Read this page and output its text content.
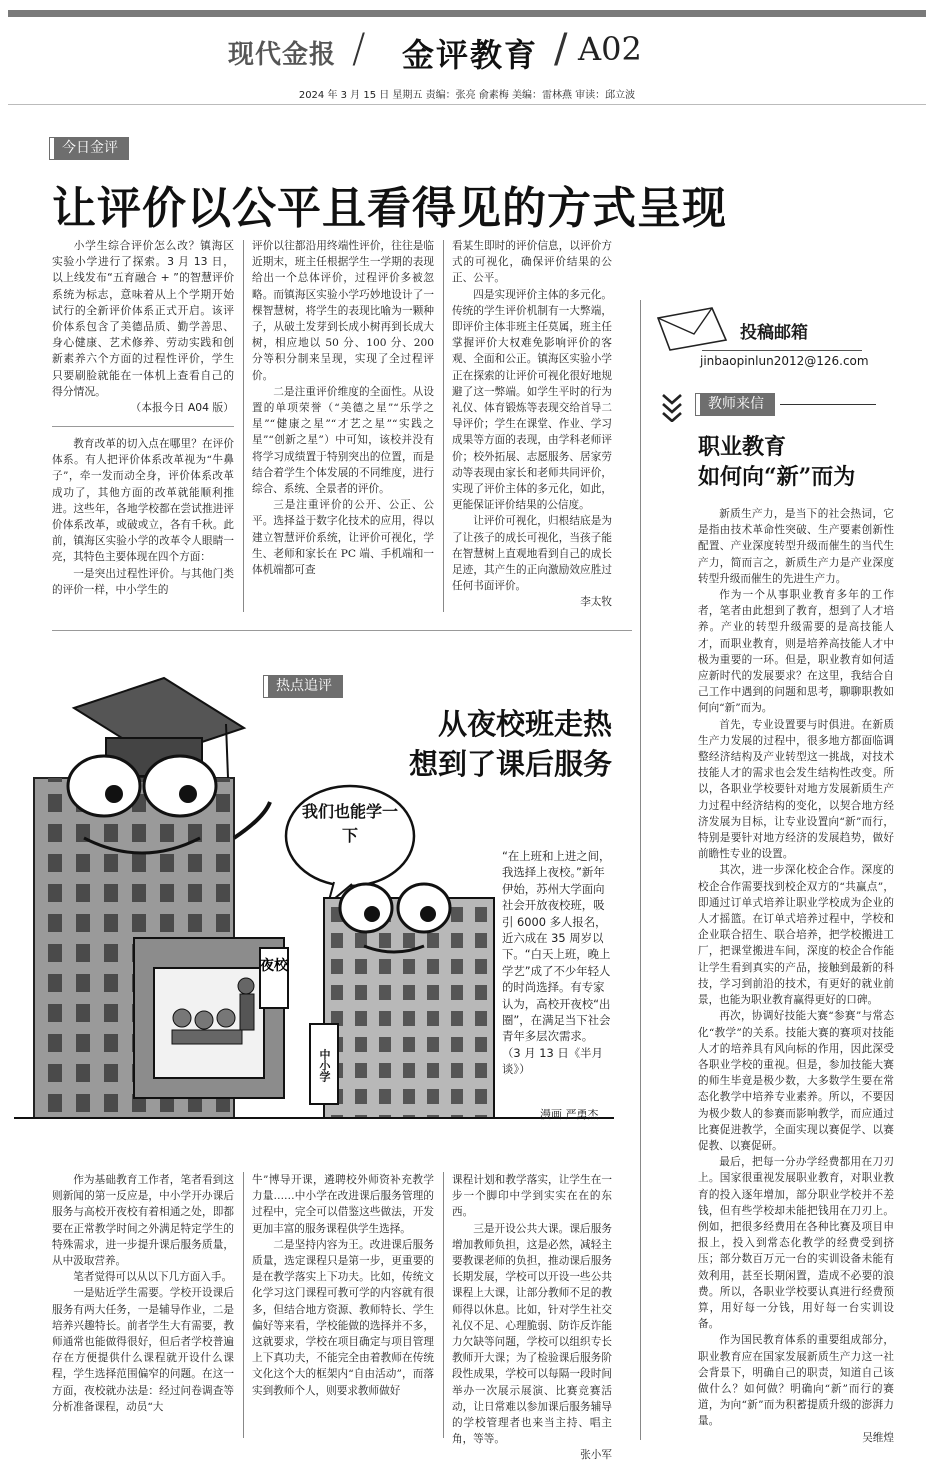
现代金报 / 金评教育 / A02
2024 年 3 月 15 日 星期五 责编：张亮 俞素梅 美编：雷林燕 审读：邱立波
今日金评
让评价以公平且看得见的方式呈现

小学生综合评价怎么改？镇海区实验小学进行了探索。3 月 13 日，以上线发布“五育融合 + ”的智慧评价系统为标志，意味着从上个学期开始试行的全新评价体系正式开启。该评价体系包含了美德品质、勤学善思、身心健康、艺术修养、劳动实践和创新素养六个方面的过程性评价，学生只要刷脸就能在一体机上查看自己的得分情况。

（本报今日 A04 版）

教育改革的切入点在哪里？在评价体系。有人把评价体系改革视为“牛鼻子”，牵一发而动全身，评价体系改革成功了，其他方面的改革就能顺利推进。这些年，各地学校都在尝试推进评价体系改革，或破或立，各有千秋。此前，镇海区实验小学的改革令人眼睛一亮，其特色主要体现在四个方面：

一是突出过程性评价。与其他门类的评价一样，中小学生的

评价以往都沿用终端性评价，往往是临近期末，班主任根据学生一学期的表现给出一个总体评价，过程评价多被忽略。而镇海区实验小学巧妙地设计了一棵智慧树，将学生的表现比喻为一颗种子，从破土发芽到长成小树再到长成大树，相应地以 50 分、100 分、200 分等积分制来呈现，实现了全过程评价。

二是注重评价维度的全面性。从设置的单项荣誉（“美德之星”“乐学之星”“健康之星”“才艺之星”“实践之星”“创新之星”）中可知，该校并没有将学习成绩置于特别突出的位置，而是结合着学生个体发展的不同维度，进行综合、系统、全景者的评价。

三是注重评价的公开、公正、公平。选择益于数字化技术的应用，得以建立智慧评价系统，让评价可视化，学生、老师和家长在 PC 端、手机端和一体机端都可查

看某生即时的评价信息，以评价方式的可视化，确保评价结果的公正、公平。

四是实现评价主体的多元化。传统的学生评价机制有一大弊端，即评价主体非班主任莫属，班主任掌握评价大权难免影响评价的客观、全面和公正。镇海区实验小学正在探索的让评价可视化很好地规避了这一弊端。如学生平时的行为礼仪、体育锻炼等表现交给首导二导评价；学生在课堂、作业、学习成果等方面的表现，由学科老师评价；校外拓展、志愿服务、居家劳动等表现由家长和老师共同评价，实现了评价主体的多元化，如此，更能保证评价结果的公信度。

让评价可视化，归根结底是为了让孩子的成长可视化，当孩子能在智慧树上直观地看到自己的成长足迹，其产生的正向激励效应胜过任何书面评价。

李太牧
投稿邮箱
jinbaopinlun2012@126.com
教师来信
职业教育
如何向“新”而为

新质生产力，是当下的社会热词，它是指由技术革命性突破、生产要素创新性配置、产业深度转型升级而催生的当代生产力，简而言之，新质生产力是产业深度转型升级而催生的先进生产力。

作为一个从事职业教育多年的工作者，笔者由此想到了教育，想到了人才培养。产业的转型升级需要的是高技能人才，而职业教育，则是培养高技能人才中极为重要的一环。但是，职业教育如何适应新时代的发展要求？在这里，我结合自己工作中遇到的问题和思考，聊聊职教如何向“新”而为。

首先，专业设置要与时俱进。在新质生产力发展的过程中，很多地方都面临调整经济结构及产业转型这一挑战，对技术技能人才的需求也会发生结构性改变。所以，各职业学校要针对地方发展新质生产力过程中经济结构的变化，以契合地方经济发展为目标，让专业设置向“新”而行，特别是要针对地方经济的发展趋势，做好前瞻性专业的设置。

其次，进一步深化校企合作。深度的校企合作需要找到校企双方的“共赢点”，即通过订单式培养让职业学校成为企业的人才摇篮。在订单式培养过程中，学校和企业联合招生、联合培养，把学校搬进工厂，把课堂搬进车间，深度的校企合作能让学生看到真实的产品，接触到最新的科技，学习到前沿的技术，有更好的就业前景，也能为职业教育赢得更好的口碑。

再次，协调好技能大赛“参赛”与常态化“教学”的关系。技能大赛的赛项对技能人才的培养具有风向标的作用，因此深受各职业学校的重视。但是，参加技能大赛的师生毕竟是极少数，大多数学生要在常态化教学中培养专业素养。所以，不要因为极少数人的参赛而影响教学，而应通过比赛促进教学，全面实现以赛促学、以赛促教、以赛促研。

最后，把每一分办学经费都用在刀刃上。国家很重视发展职业教育，对职业教育的投入逐年增加，部分职业学校并不差钱，但有些学校却未能把钱用在刀刃上。例如，把很多经费用在各种比赛及项目申报上，投入到常态化教学的经费受到挤压；部分数百万元一台的实训设备未能有效利用，甚至长期闲置，造成不必要的浪费。所以，各职业学校要认真进行经费预算，用好每一分钱，用好每一台实训设备。

作为国民教育体系的重要组成部分，职业教育应在国家发展新质生产力这一社会背景下，明确自己的职责，知道自己该做什么？如何做？明确向“新”而行的赛道，为向“新”而为积蓄提质升级的澎湃力量。

吴维煌
夜校
我们也能学一下
中小学
热点追评
从夜校班走热
想到了课后服务
“在上班和上进之间，我选择上夜校。”新年伊始，苏州大学面向社会开放夜校班，吸引 6000 多人报名，近六成在 35 周岁以下。“白天上班，晚上学艺”成了不少年轻人的时尚选择。有专家认为，高校开夜校“出圈”，在满足当下社会青年多层次需求。
（3 月 13 日《半月谈》）
漫画 严勇杰

作为基础教育工作者，笔者看到这则新闻的第一反应是，中小学开办课后服务与高校开夜校有着相通之处，即都要在正常教学时间之外满足特定学生的特殊需求，进一步提升课后服务质量，从中汲取营养。

笔者觉得可以从以下几方面入手。

一是贴近学生需要。学校开设课后服务有两大任务，一是辅导作业，二是培养兴趣特长。前者学生大有需要，教师通常也能做得很好，但后者学校普遍存在方便提供什么课程就开设什么课程，学生选择范围偏窄的问题。在这一方面，夜校就办法是：经过问卷调查等分析准备课程，动员“大

牛”博导开课，遴聘校外师资补充教学力量……中小学在改进课后服务管理的过程中，完全可以借鉴这些做法，开发更加丰富的服务课程供学生选择。

二是坚持内容为王。改进课后服务质量，选定课程只是第一步，更重要的是在教学落实上下功夫。比如，传统文化学习这门课程可教可学的内容就有很多，但结合地方资源、教师特长、学生偏好等来看，学校能做的选择并不多，这就要求，学校在项目确定与项目管理上下真功夫，不能完全由着教师在传统文化这个大的框架内“自由活动”，而落实到教师个人，则要求教师做好

课程计划和教学落实，让学生在一步一个脚印中学到实实在在的东西。

三是开设公共大课。课后服务增加教师负担，这是必然，减轻主要教课老师的负担，推动课后服务长期发展，学校可以开设一些公共课程上大课，让部分教师不足的教师得以休息。比如，针对学生社交礼仪不足、心理脆弱、防诈反诈能力欠缺等问题，学校可以组织专长教师开大课；为了检验课后服务阶段性成果，学校可以每隔一段时间举办一次展示展演、比赛竞赛活动，让日常难以参加课后服务辅导的学校管理者也来当主持、唱主角，等等。

张小军
